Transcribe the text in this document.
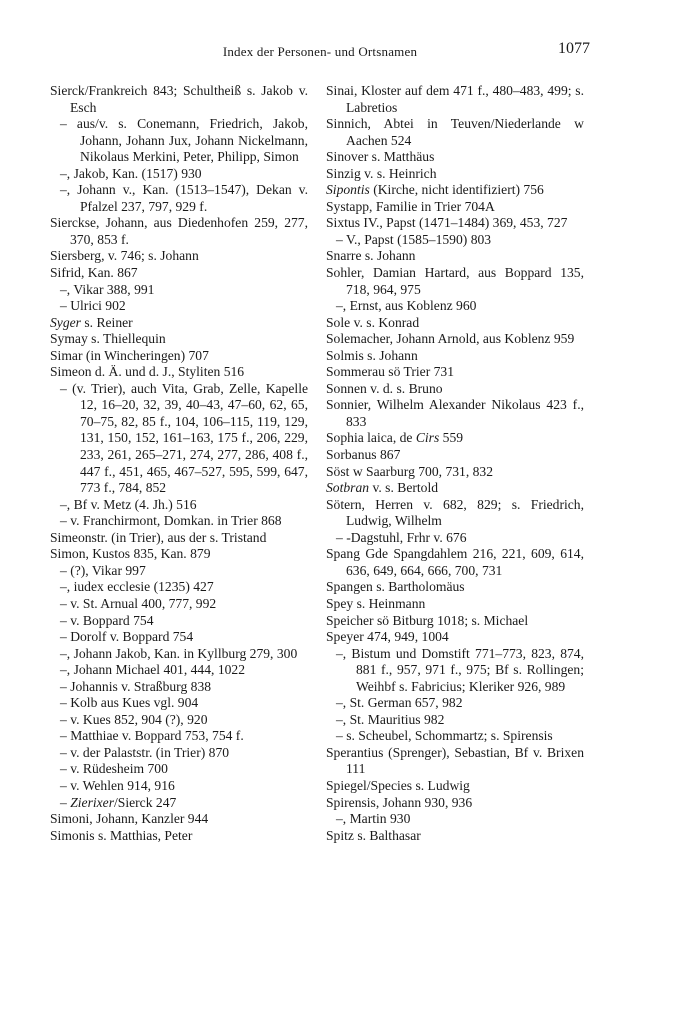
Index der Personen- und Ortsnamen	1077

Sierck/Frankreich 843; Schultheiß s. Jakob v. Esch

– aus/v. s. Conemann, Friedrich, Jakob, Johann, Johann Jux, Johann Nickelmann, Nikolaus Merkini, Peter, Philipp, Simon

–, Jakob, Kan. (1517) 930

–, Johann v., Kan. (1513–1547), Dekan v. Pfalzel 237, 797, 929 f.

Sierckse, Johann, aus Diedenhofen 259, 277, 370, 853 f.

Siersberg, v. 746; s. Johann

Sifrid, Kan. 867

–, Vikar 388, 991

– Ulrici 902

Syger s. Reiner

Symay s. Thiellequin

Simar (in Wincheringen) 707

Simeon d. Ä. und d. J., Styliten 516

– (v. Trier), auch Vita, Grab, Zelle, Kapelle 12, 16–20, 32, 39, 40–43, 47–60, 62, 65, 70–75, 82, 85 f., 104, 106–115, 119, 129, 131, 150, 152, 161–163, 175 f., 206, 229, 233, 261, 265–271, 274, 277, 286, 408 f., 447 f., 451, 465, 467–527, 595, 599, 647, 773 f., 784, 852

–, Bf v. Metz (4. Jh.) 516

– v. Franchirmont, Domkan. in Trier 868

Simeonstr. (in Trier), aus der s. Tristand

Simon, Kustos 835, Kan. 879

– (?), Vikar 997

–, iudex ecclesie (1235) 427

– v. St. Arnual 400, 777, 992

– v. Boppard 754

– Dorolf v. Boppard 754

–, Johann Jakob, Kan. in Kyllburg 279, 300

–, Johann Michael 401, 444, 1022

– Johannis v. Straßburg 838

– Kolb aus Kues vgl. 904

– v. Kues 852, 904 (?), 920

– Matthiae v. Boppard 753, 754 f.

– v. der Palaststr. (in Trier) 870

– v. Rüdesheim 700

– v. Wehlen 914, 916

– Zierixer/Sierck 247

Simoni, Johann, Kanzler 944

Simonis s. Matthias, Peter

Sinai, Kloster auf dem 471 f., 480–483, 499; s. Labretios

Sinnich, Abtei in Teuven/Niederlande w Aachen 524

Sinover s. Matthäus

Sinzig v. s. Heinrich

Sipontis (Kirche, nicht identifiziert) 756

Systapp, Familie in Trier 704A

Sixtus IV., Papst (1471–1484) 369, 453, 727

– V., Papst (1585–1590) 803

Snarre s. Johann

Sohler, Damian Hartard, aus Boppard 135, 718, 964, 975

–, Ernst, aus Koblenz 960

Sole v. s. Konrad

Solemacher, Johann Arnold, aus Koblenz 959

Solmis s. Johann

Sommerau sö Trier 731

Sonnen v. d. s. Bruno

Sonnier, Wilhelm Alexander Nikolaus 423 f., 833

Sophia laica, de Cirs 559

Sorbanus 867

Söst w Saarburg 700, 731, 832

Sotbran v. s. Bertold

Sötern, Herren v. 682, 829; s. Friedrich, Ludwig, Wilhelm

– -Dagstuhl, Frhr v. 676

Spang Gde Spangdahlem 216, 221, 609, 614, 636, 649, 664, 666, 700, 731

Spangen s. Bartholomäus

Spey s. Heinmann

Speicher sö Bitburg 1018; s. Michael

Speyer 474, 949, 1004

–, Bistum und Domstift 771–773, 823, 874, 881 f., 957, 971 f., 975; Bf s. Rollingen; Weihbf s. Fabricius; Kleriker 926, 989

–, St. German 657, 982

–, St. Mauritius 982

– s. Scheubel, Schommartz; s. Spirensis

Sperantius (Sprenger), Sebastian, Bf v. Brixen 111

Spiegel/Species s. Ludwig

Spirensis, Johann 930, 936

–, Martin 930

Spitz s. Balthasar
